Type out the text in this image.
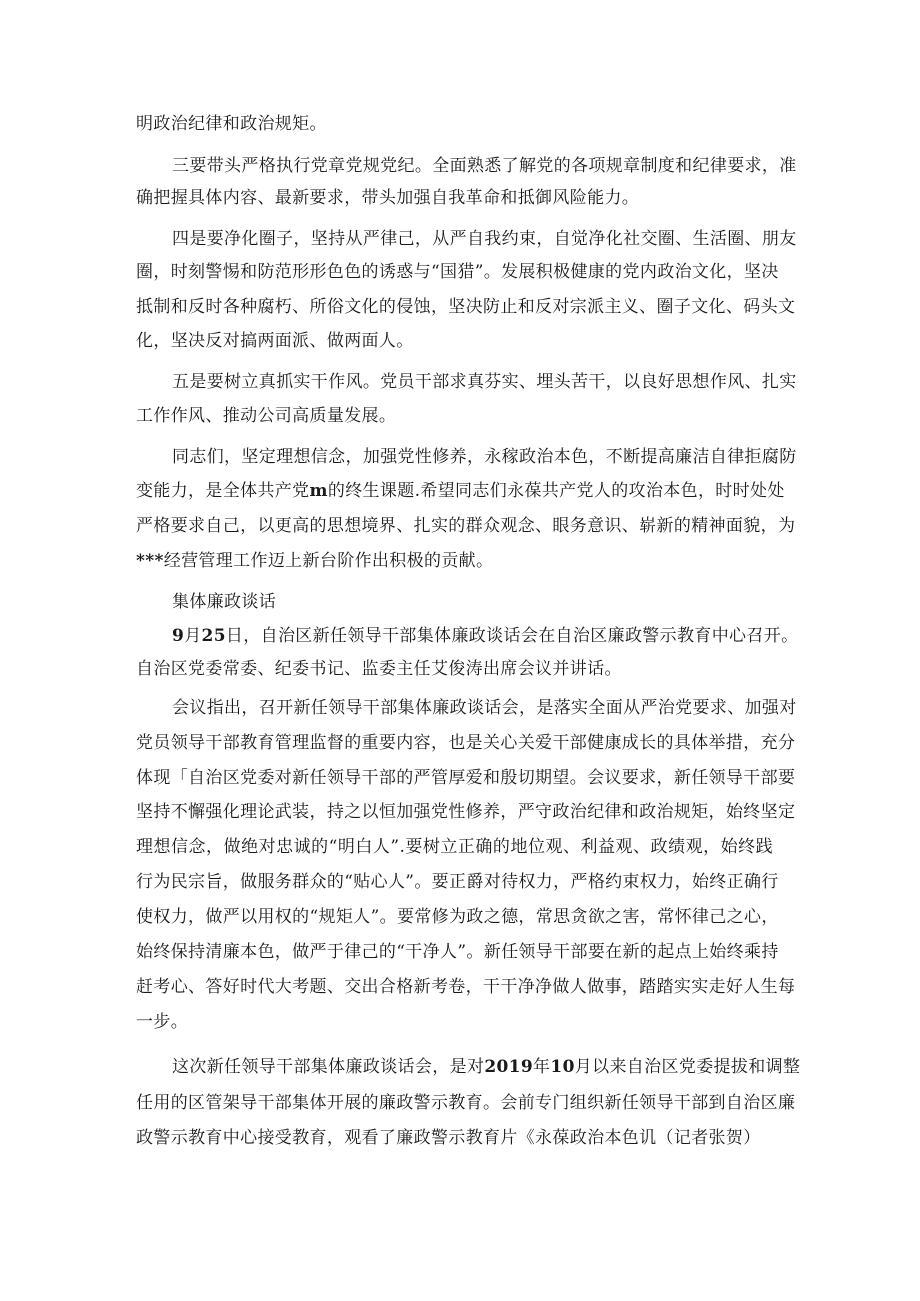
明政治纪律和政治规矩。
三要带头严格执行党章党规党纪。全面熟悉了解党的各项规章制度和纪律要求，准
确把握具体内容、最新要求，带头加强自我革命和抵御风险能力。
四是要净化圈子，坚持从严律己，从严自我约束，自觉净化社交圈、生活圈、朋友
圈，时刻警惕和防范形形色色的诱惑与“国猎”。发展积极健康的党内政治文化，坚决
抵制和反时各种腐朽、所俗文化的侵蚀，坚决防止和反对宗派主义、圈子文化、码头文
化，坚决反对搞两面派、做两面人。
五是要树立真抓实干作风。党员干部求真芬实、埋头苦干，以良好思想作风、扎实
工作作风、推动公司高质量发展。
同志们，坚定理想信念，加强党性修养，永稼政治本色，不断提高廉洁自律拒腐防
变能力，是全体共产党m的终生课题.希望同志们永葆共产党人的攻治本色，时时处处
严格要求自己，以更高的思想境界、扎实的群众观念、眼务意识、崭新的精神面貌，为
***经营管理工作迈上新台阶作出积极的贡献。
集体廉政谈话
9月25日，自治区新任领导干部集体廉政谈话会在自治区廉政警示教育中心召开。
自治区党委常委、纪委书记、监委主任艾俊涛出席会议并讲话。
会议指出，召开新任领导干部集体廉政谈话会，是落实全面从严治党要求、加强对
党员领导干部教育管理监督的重要内容，也是关心关爱干部健康成长的具体举措，充分
体现「自治区党委对新任领导干部的严管厚爱和殷切期望。会议要求，新任领导干部要
坚持不懈强化理论武装，持之以恒加强党性修养，严守政治纪律和政治规矩，始终坚定
理想信念，做绝对忠诚的“明白人”.要树立正确的地位观、利益观、政绩观，始终践
行为民宗旨，做服务群众的“贴心人”。要正爵对待权力，严格约束权力，始终正确行
使权力，做严以用权的“规矩人”。要常修为政之德，常思贪欲之害，常怀律己之心，
始终保持清廉本色，做严于律己的“干净人”。新任领导干部要在新的起点上始终乘持
赶考心、答好时代大考题、交出合格新考卷，干干净净做人做事，踏踏实实走好人生每
一步。
这次新任领导干部集体廉政谈话会，是对2019年10月以来自治区党委提拔和调整
任用的区管架导干部集体开展的廉政警示教育。会前专门组织新任领导干部到自治区廉
政警示教育中心接受教育，观看了廉政警示教育片《永葆政治本色讥（记者张贺）
